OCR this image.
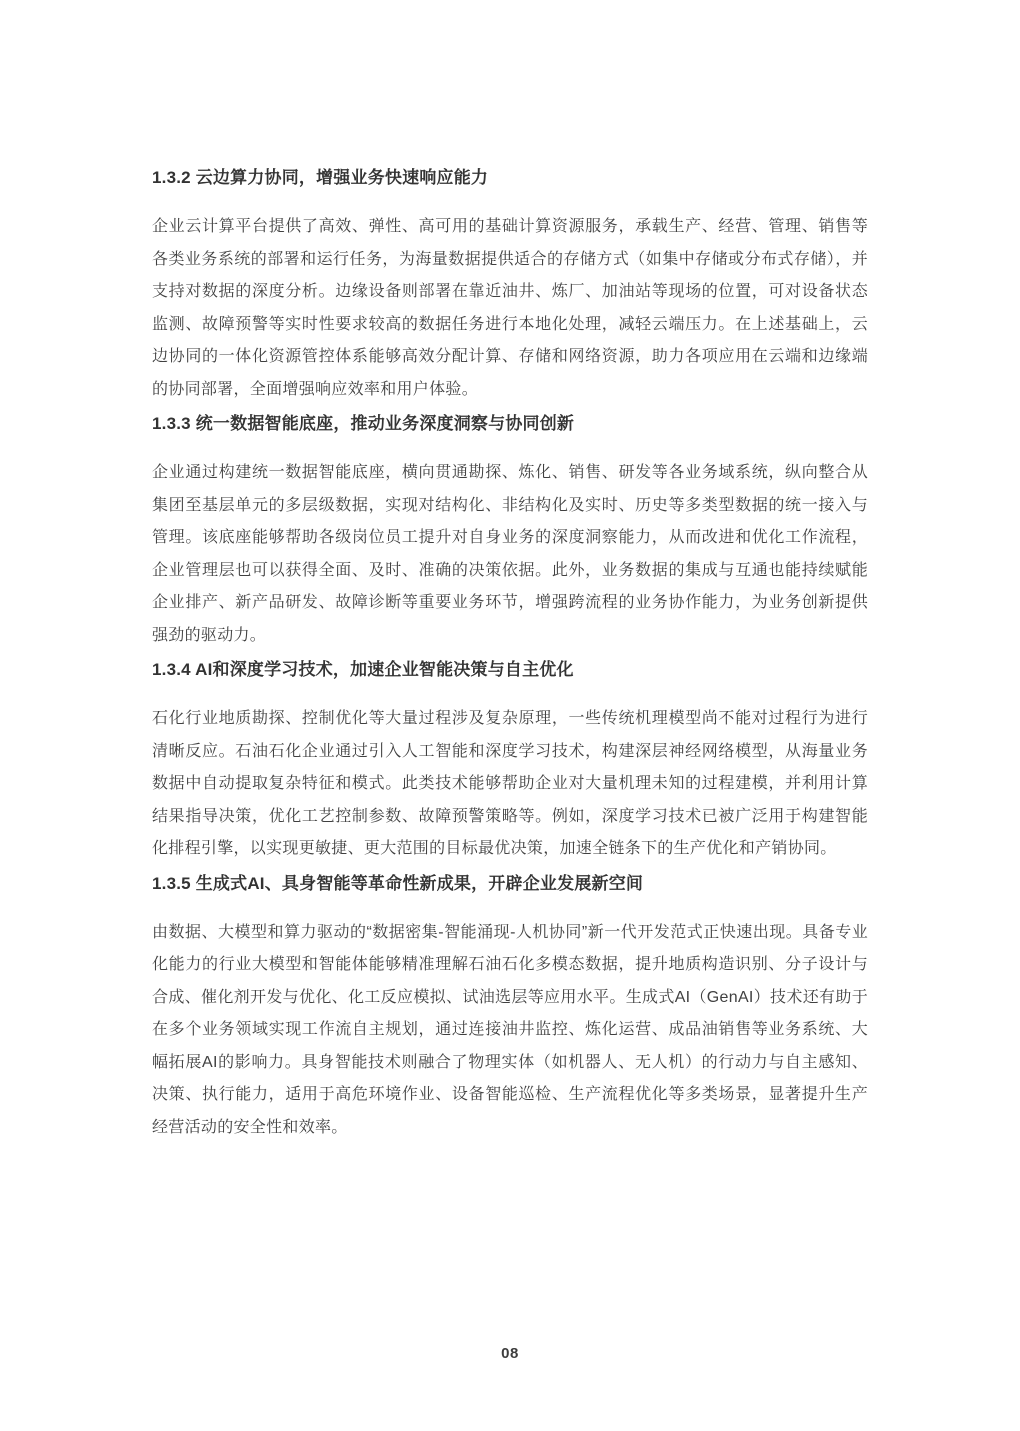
1.3.2 云边算力协同，增强业务快速响应能力

企业云计算平台提供了高效、弹性、高可用的基础计算资源服务，承载生产、经营、管理、销售等各类业务系统的部署和运行任务，为海量数据提供适合的存储方式（如集中存储或分布式存储），并支持对数据的深度分析。边缘设备则部署在靠近油井、炼厂、加油站等现场的位置，可对设备状态监测、故障预警等实时性要求较高的数据任务进行本地化处理，减轻云端压力。在上述基础上，云边协同的一体化资源管控体系能够高效分配计算、存储和网络资源，助力各项应用在云端和边缘端的协同部署，全面增强响应效率和用户体验。

1.3.3 统一数据智能底座，推动业务深度洞察与协同创新

企业通过构建统一数据智能底座，横向贯通勘探、炼化、销售、研发等各业务域系统，纵向整合从集团至基层单元的多层级数据，实现对结构化、非结构化及实时、历史等多类型数据的统一接入与管理。该底座能够帮助各级岗位员工提升对自身业务的深度洞察能力，从而改进和优化工作流程，企业管理层也可以获得全面、及时、准确的决策依据。此外，业务数据的集成与互通也能持续赋能企业排产、新产品研发、故障诊断等重要业务环节，增强跨流程的业务协作能力，为业务创新提供强劲的驱动力。

1.3.4 AI和深度学习技术，加速企业智能决策与自主优化

石化行业地质勘探、控制优化等大量过程涉及复杂原理，一些传统机理模型尚不能对过程行为进行清晰反应。石油石化企业通过引入人工智能和深度学习技术，构建深层神经网络模型，从海量业务数据中自动提取复杂特征和模式。此类技术能够帮助企业对大量机理未知的过程建模，并利用计算结果指导决策，优化工艺控制参数、故障预警策略等。例如，深度学习技术已被广泛用于构建智能化排程引擎，以实现更敏捷、更大范围的目标最优决策，加速全链条下的生产优化和产销协同。

1.3.5 生成式AI、具身智能等革命性新成果，开辟企业发展新空间

由数据、大模型和算力驱动的“数据密集-智能涌现-人机协同”新一代开发范式正快速出现。具备专业化能力的行业大模型和智能体能够精准理解石油石化多模态数据，提升地质构造识别、分子设计与合成、催化剂开发与优化、化工反应模拟、试油选层等应用水平。生成式AI（GenAI）技术还有助于在多个业务领域实现工作流自主规划，通过连接油井监控、炼化运营、成品油销售等业务系统、大幅拓展AI的影响力。具身智能技术则融合了物理实体（如机器人、无人机）的行动力与自主感知、决策、执行能力，适用于高危环境作业、设备智能巡检、生产流程优化等多类场景，显著提升生产经营活动的安全性和效率。

08
